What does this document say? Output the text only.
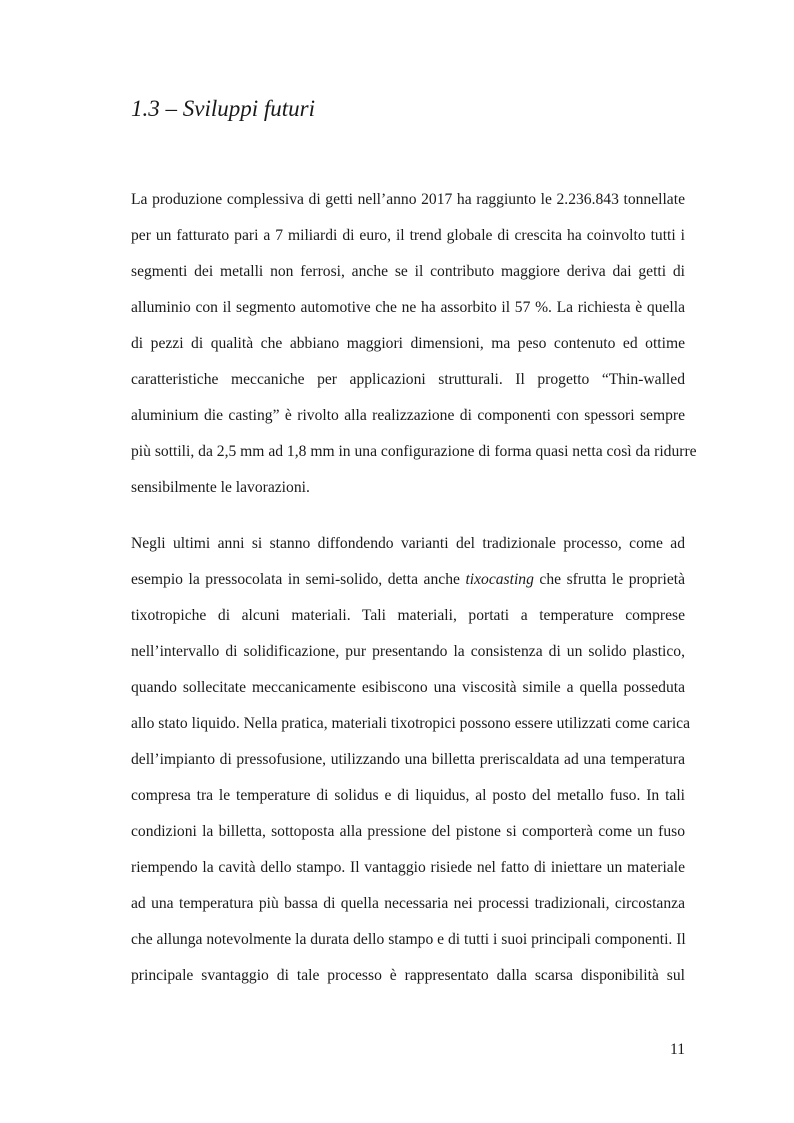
1.3 – Sviluppi futuri

La produzione complessiva di getti nell’anno 2017 ha raggiunto le 2.236.843 tonnellate

per un fatturato pari a 7 miliardi di euro, il trend globale di crescita ha coinvolto tutti i

segmenti dei metalli non ferrosi, anche se il contributo maggiore deriva dai getti di

alluminio con il segmento automotive che ne ha assorbito il 57 %. La richiesta è quella

di pezzi di qualità che abbiano maggiori dimensioni, ma peso contenuto ed ottime

caratteristiche meccaniche per applicazioni strutturali. Il progetto “Thin-walled

aluminium die casting” è rivolto alla realizzazione di componenti con spessori sempre

più sottili, da 2,5 mm ad 1,8 mm in una configurazione di forma quasi netta così da ridurre

sensibilmente le lavorazioni.

Negli ultimi anni si stanno diffondendo varianti del tradizionale processo, come ad

esempio la pressocolata in semi-solido, detta anche tixocasting che sfrutta le proprietà

tixotropiche di alcuni materiali. Tali materiali, portati a temperature comprese

nell’intervallo di solidificazione, pur presentando la consistenza di un solido plastico,

quando sollecitate meccanicamente esibiscono una viscosità simile a quella posseduta

allo stato liquido. Nella pratica, materiali tixotropici possono essere utilizzati come carica

dell’impianto di pressofusione, utilizzando una billetta preriscaldata ad una temperatura

compresa tra le temperature di solidus e di liquidus, al posto del metallo fuso. In tali

condizioni la billetta, sottoposta alla pressione del pistone si comporterà come un fuso

riempendo la cavità dello stampo. Il vantaggio risiede nel fatto di iniettare un materiale

ad una temperatura più bassa di quella necessaria nei processi tradizionali, circostanza

che allunga notevolmente la durata dello stampo e di tutti i suoi principali componenti. Il

principale svantaggio di tale processo è rappresentato dalla scarsa disponibilità sul

11
